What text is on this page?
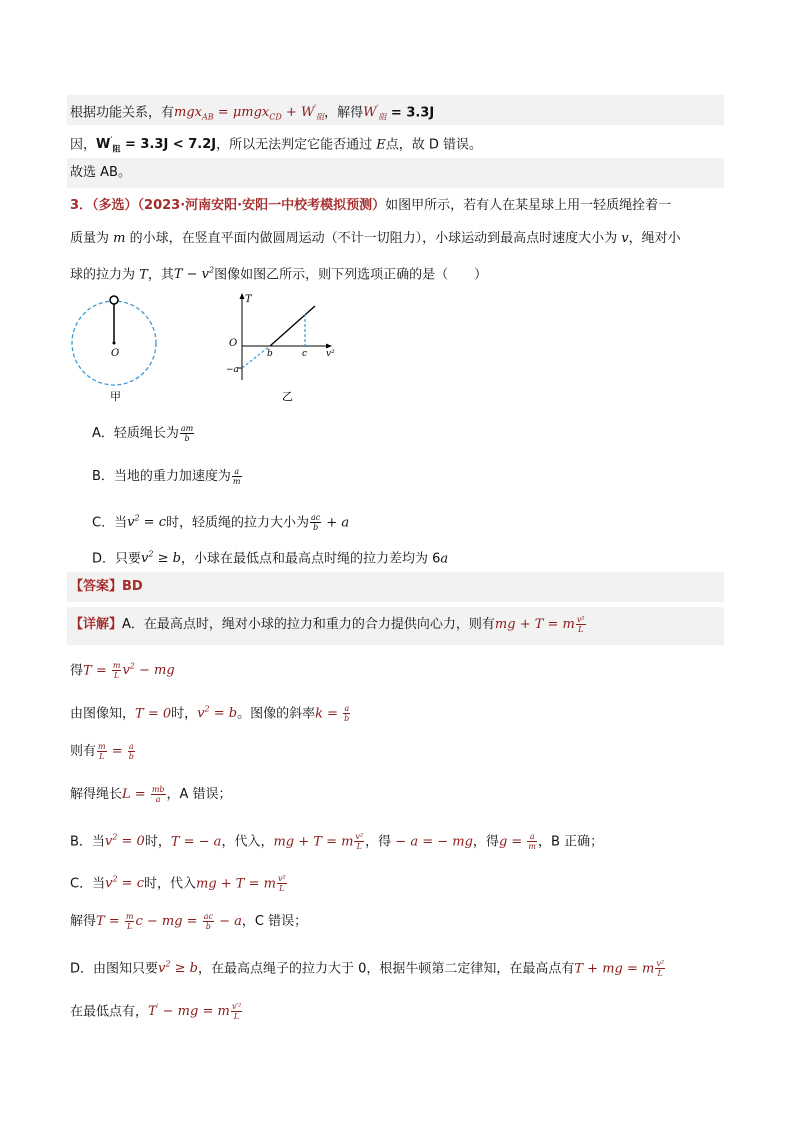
根据功能关系，有$mgx_{AB} = \mu mgx_{CD} + W'_阻$，解得$W'_阻 = 3.3J$
因，$W'_阻 = 3.3J < 7.2J$，所以无法判定它能否通过 E点，故 D 错误。
故选 AB。
3．（多选）（2023·河南安阳·安阳一中校考模拟预测）如图甲所示，若有人在某星球上用一轻质绳拴着一
质量为 m 的小球，在竖直平面内做圆周运动（不计一切阻力），小球运动到最高点时速度大小为 v，绳对小
球的拉力为 T，其$T - v^2$图像如图乙所示，则下列选项正确的是（　　）
O
甲
T
O
b	c
−a
v²
乙
A．轻质绳长为 $\frac{am}{b}$
B．当地的重力加速度为 $\frac{a}{m}$
C．当$v^2 = c$时，轻质绳的拉力大小为 $\frac{ac}{b} + a$
D．只要$v^2 \ge b$，小球在最低点和最高点时绳的拉力差均为 6a
【答案】BD
【详解】A．在最高点时，绳对小球的拉力和重力的合力提供向心力，则有mg + T = m $\frac{\text{v²}}{L}$
得$T = \frac{m}{L} v^2$ − mg
由图像知，T = 0时，$v^2 = b$。图像的斜率$k = \frac{a}{b}$
则有 $\frac{m}{L} = \frac{a}{b}$
解得绳长$L = \frac{mb}{a}$ ，A 错误；
B．当$v^2 = 0$时，T = − a，代入，mg + T = m $\frac{\text{v²}}{L}$ ，得 − a = − mg，得$g = \frac{a}{m}$ ，B 正确；
C．当$v^2 = c$时，代入mg + T = m $\frac{\text{v²}}{L}$
解得$T = \frac{m}{L}$ c − mg = $\frac{ac}{b} - a$，C 错误；
D．由图知只要$v^2 \ge b$，在最高点绳子的拉力大于 0，根据牛顿第二定律知，在最高点有T + mg = m $\frac{\text{v²}}{L}$
在最低点有，T′ − mg = m $\frac{\text{v′²}}{L}$
